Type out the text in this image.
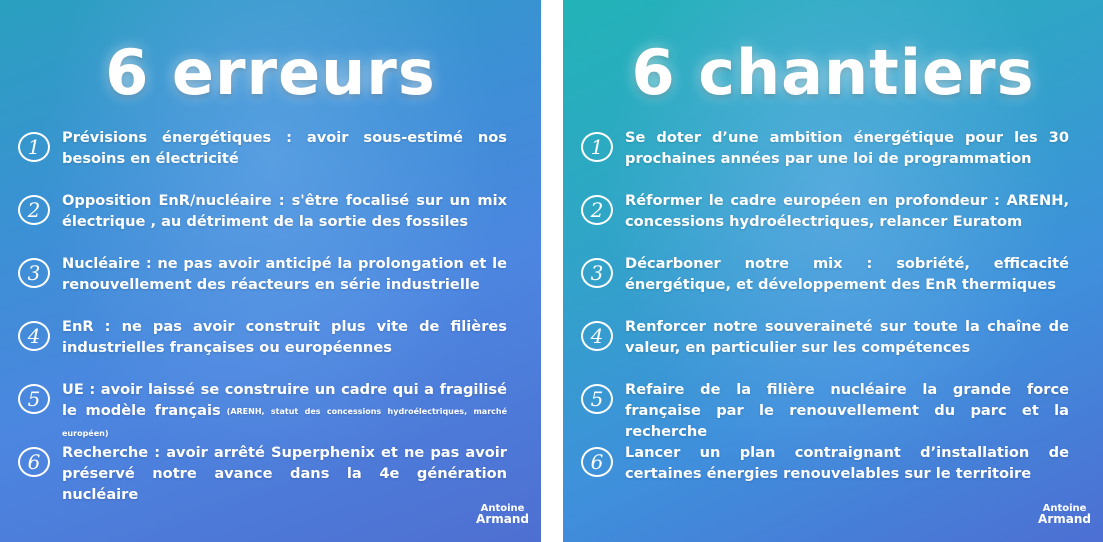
6 erreurs
1	Prévisions énergétiques : avoir sous-estimé nos besoins en électricité
2	Opposition EnR/nucléaire : s'être focalisé sur un mix électrique , au détriment de la sortie des fossiles
3	Nucléaire : ne pas avoir anticipé la prolongation et le renouvellement des réacteurs en série industrielle
4	EnR : ne pas avoir construit plus vite de filières industrielles françaises ou européennes
5	UE : avoir laissé se construire un cadre qui a fragilisé le modèle français (ARENH, statut des concessions hydroélectriques, marché européen)
6	Recherche : avoir arrêté Superphenix et ne pas avoir préservé notre avance dans la 4e génération nucléaire
Antoine
Armand
6 chantiers
1	Se doter d’une ambition énergétique pour les 30 prochaines années par une loi de programmation
2	Réformer le cadre européen en profondeur : ARENH, concessions hydroélectriques, relancer Euratom
3	Décarboner notre mix : sobriété, efficacité énergétique, et développement des EnR thermiques
4	Renforcer notre souveraineté sur toute la chaîne de valeur, en particulier sur les compétences
5	Refaire de la filière nucléaire la grande force française par le renouvellement du parc et la recherche
6	Lancer un plan contraignant d’installation de certaines énergies renouvelables sur le territoire
Antoine
Armand
